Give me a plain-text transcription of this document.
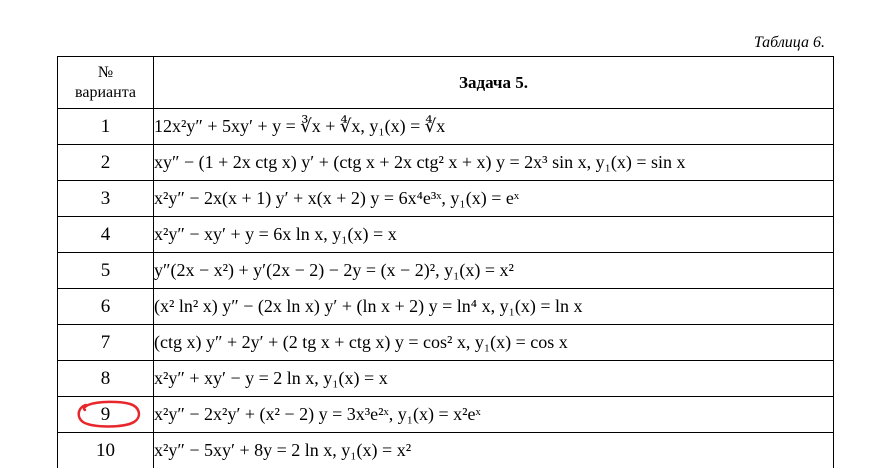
Таблица 6.
№
варианта	Задача 5.
1	12x²y″ + 5xy′ + y = ∛x + ∜x, y₁(x) = ∜x
2	xy″ − (1 + 2x ctg x) y′ + (ctg x + 2x ctg² x + x) y = 2x³ sin x, y₁(x) = sin x
3	x²y″ − 2x(x + 1) y′ + x(x + 2) y = 6x⁴e³ˣ, y₁(x) = eˣ
4	x²y″ − xy′ + y = 6x ln x, y₁(x) = x
5	y″(2x − x²) + y′(2x − 2) − 2y = (x − 2)², y₁(x) = x²
6	(x² ln² x) y″ − (2x ln x) y′ + (ln x + 2) y = ln⁴ x, y₁(x) = ln x
7	(ctg x) y″ + 2y′ + (2 tg x + ctg x) y = cos² x, y₁(x) = cos x
8	x²y″ + xy′ − y = 2 ln x, y₁(x) = x

9	x²y″ − 2x²y′ + (x² − 2) y = 3x³e²ˣ, y₁(x) = x²eˣ
10	x²y″ − 5xy′ + 8y = 2 ln x, y₁(x) = x²
